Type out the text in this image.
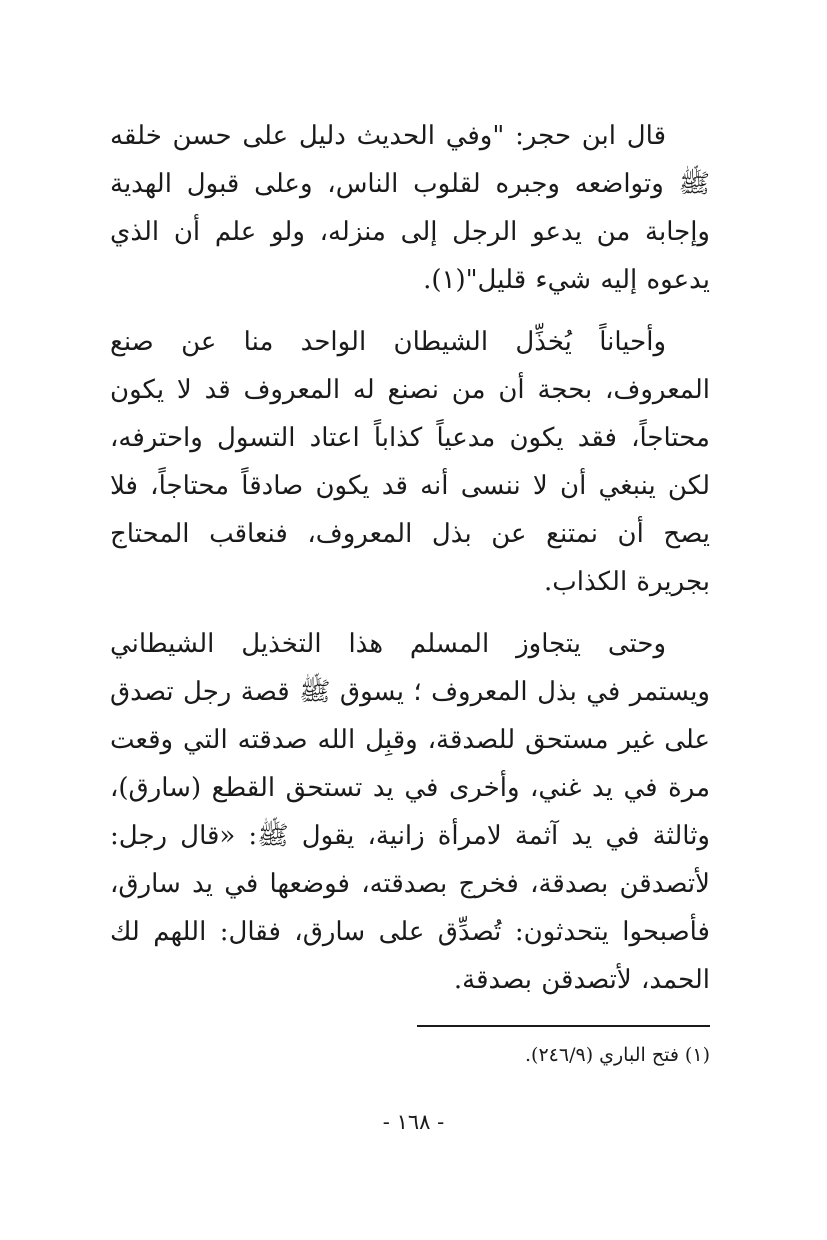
قال ابن حجر: "وفي الحديث دليل على حسن خلقه ﷺ وتواضعه وجبره لقلوب الناس، وعلى قبول الهدية وإجابة من يدعو الرجل إلى منزله، ولو علم أن الذي يدعوه إليه شيء قليل"(١).

وأحياناً يُخذِّل الشيطان الواحد منا عن صنع المعروف، بحجة أن من نصنع له المعروف قد لا يكون محتاجاً، فقد يكون مدعياً كذاباً اعتاد التسول واحترفه، لكن ينبغي أن لا ننسى أنه قد يكون صادقاً محتاجاً، فلا يصح أن نمتنع عن بذل المعروف، فنعاقب المحتاج بجريرة الكذاب.

وحتى يتجاوز المسلم هذا التخذيل الشيطاني ويستمر في بذل المعروف ؛ يسوق ﷺ قصة رجل تصدق على غير مستحق للصدقة، وقبِل الله صدقته التي وقعت مرة في يد غني، وأخرى في يد تستحق القطع (سارق)، وثالثة في يد آثمة لامرأة زانية، يقول ﷺ: «قال رجل: لأتصدقن بصدقة، فخرج بصدقته، فوضعها في يد سارق، فأصبحوا يتحدثون: تُصدِّق على سارق، فقال: اللهم لك الحمد، لأتصدقن بصدقة.

(١) فتح الباري (٢٤٦/٩).
- ١٦٨ -
